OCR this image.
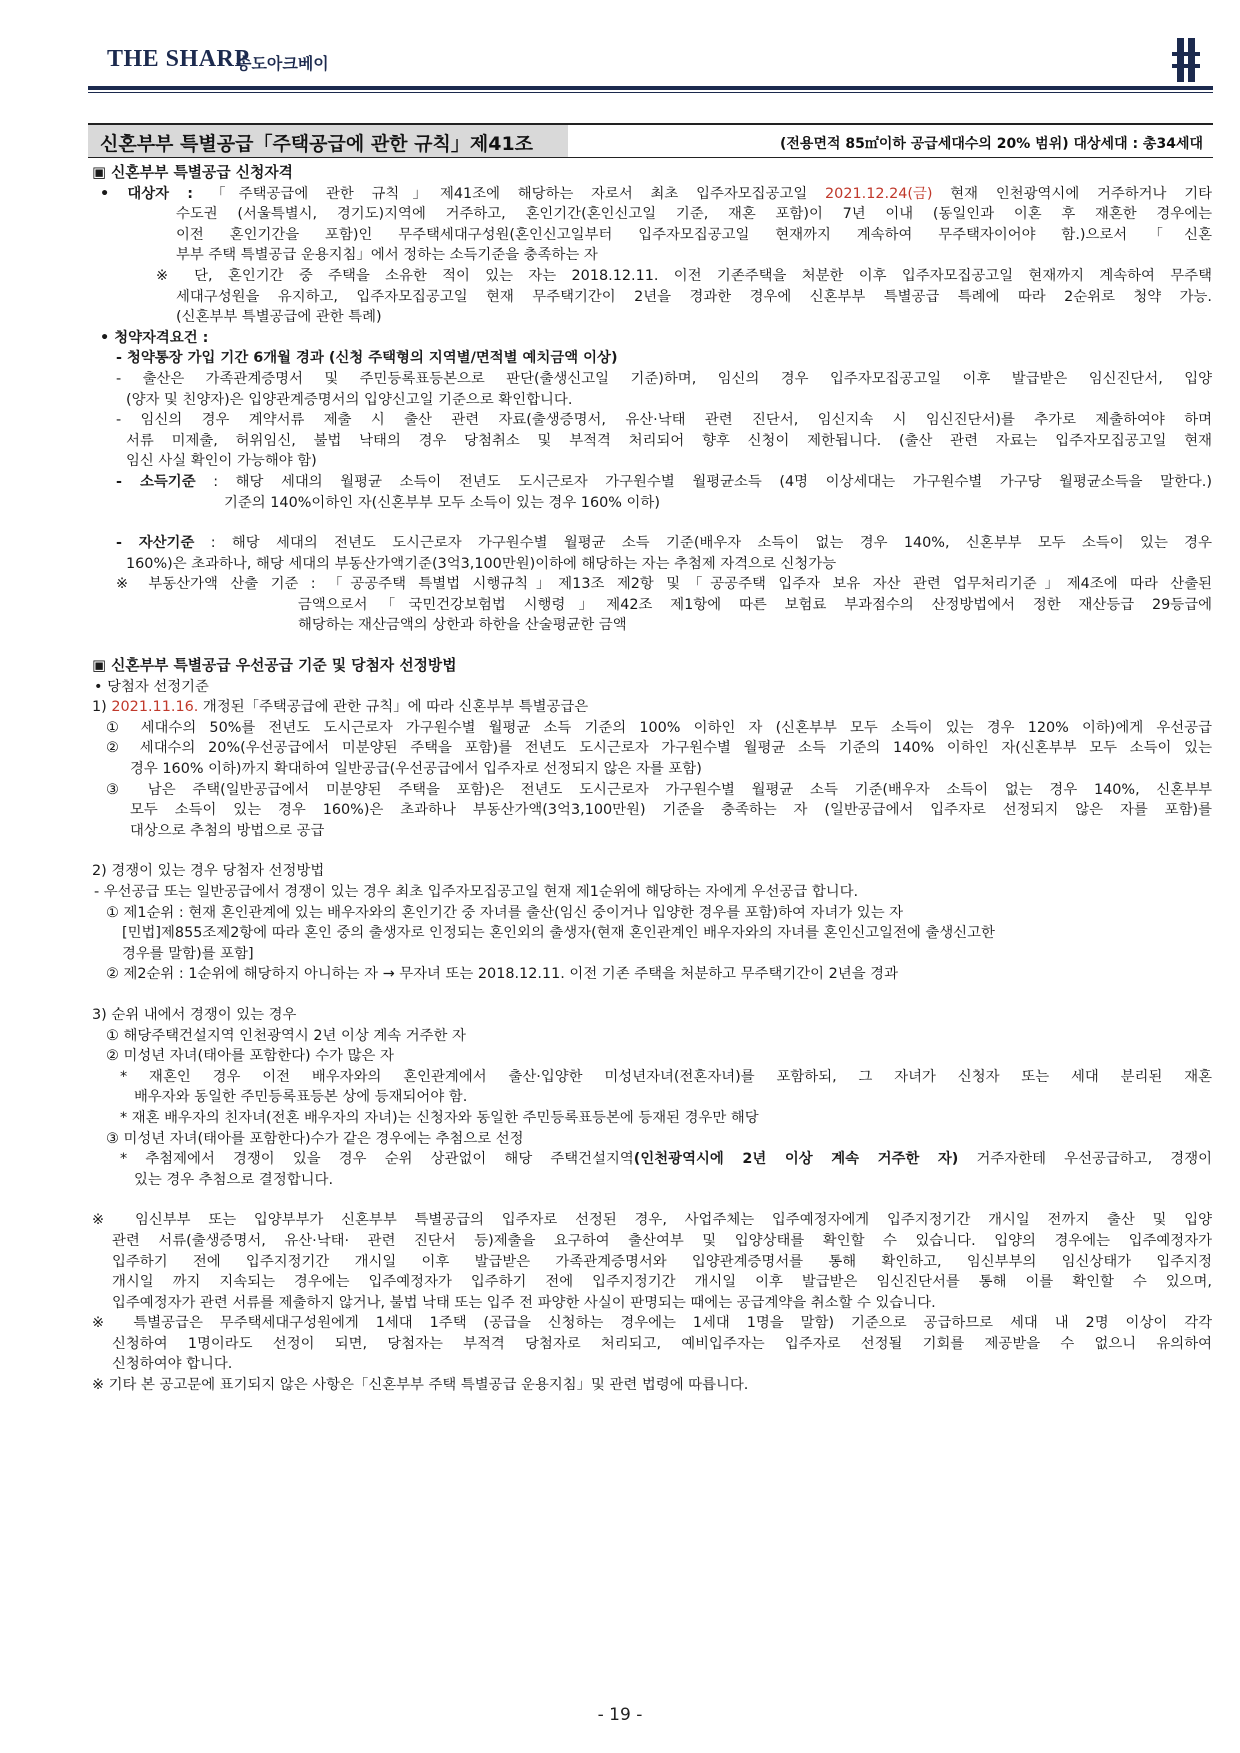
THE SHARP
송도아크베이
신혼부부 특별공급「주택공급에 관한 규칙」제41조	(전용면적 85㎡이하 공급세대수의 20% 범위) 대상세대 : 총34세대
▣ 신혼부부 특별공급 신청자격
• 대상자 : 「주택공급에 관한 규칙」제41조에 해당하는 자로서 최초 입주자모집공고일 2021.12.24(금) 현재 인천광역시에 거주하거나 기타
수도권 (서울특별시, 경기도)지역에 거주하고, 혼인기간(혼인신고일 기준, 재혼 포함)이 7년 이내 (동일인과 이혼 후 재혼한 경우에는
이전 혼인기간을 포함)인 무주택세대구성원(혼인신고일부터 입주자모집공고일 현재까지 계속하여 무주택자이어야 함.)으로서「신혼
부부 주택 특별공급 운용지침」에서 정하는 소득기준을 충족하는 자
※ 단, 혼인기간 중 주택을 소유한 적이 있는 자는 2018.12.11. 이전 기존주택을 처분한 이후 입주자모집공고일 현재까지 계속하여 무주택
세대구성원을 유지하고, 입주자모집공고일 현재 무주택기간이 2년을 경과한 경우에 신혼부부 특별공급 특례에 따라 2순위로 청약 가능.
(신혼부부 특별공급에 관한 특례)
• 청약자격요건 :
- 청약통장 가입 기간 6개월 경과 (신청 주택형의 지역별/면적별 예치금액 이상)
- 출산은 가족관계증명서 및 주민등록표등본으로 판단(출생신고일 기준)하며, 임신의 경우 입주자모집공고일 이후 발급받은 임신진단서, 입양
(양자 및 친양자)은 입양관계증명서의 입양신고일 기준으로 확인합니다.
- 임신의 경우 계약서류 제출 시 출산 관련 자료(출생증명서, 유산·낙태 관련 진단서, 임신지속 시 임신진단서)를 추가로 제출하여야 하며
서류 미제출, 허위임신, 불법 낙태의 경우 당첨취소 및 부적격 처리되어 향후 신청이 제한됩니다. (출산 관련 자료는 입주자모집공고일 현재
임신 사실 확인이 가능해야 함)
- 소득기준 : 해당 세대의 월평균 소득이 전년도 도시근로자 가구원수별 월평균소득 (4명 이상세대는 가구원수별 가구당 월평균소득을 말한다.)
기준의 140%이하인 자(신혼부부 모두 소득이 있는 경우 160% 이하)
- 자산기준 : 해당 세대의 전년도 도시근로자 가구원수별 월평균 소득 기준(배우자 소득이 없는 경우 140%, 신혼부부 모두 소득이 있는 경우
160%)은 초과하나, 해당 세대의 부동산가액기준(3억3,100만원)이하에 해당하는 자는 추첨제 자격으로 신청가능
※ 부동산가액 산출 기준 : 「공공주택 특별법 시행규칙」제13조 제2항 및「공공주택 입주자 보유 자산 관련 업무처리기준」제4조에 따라 산출된
금액으로서「국민건강보험법 시행령」제42조 제1항에 따른 보험료 부과점수의 산정방법에서 정한 재산등급 29등급에
해당하는 재산금액의 상한과 하한을 산술평균한 금액
▣ 신혼부부 특별공급 우선공급 기준 및 당첨자 선정방법
• 당첨자 선정기준
1) 2021.11.16. 개정된「주택공급에 관한 규칙」에 따라 신혼부부 특별공급은
① 세대수의 50%를 전년도 도시근로자 가구원수별 월평균 소득 기준의 100% 이하인 자 (신혼부부 모두 소득이 있는 경우 120% 이하)에게 우선공급
② 세대수의 20%(우선공급에서 미분양된 주택을 포함)를 전년도 도시근로자 가구원수별 월평균 소득 기준의 140% 이하인 자(신혼부부 모두 소득이 있는
경우 160% 이하)까지 확대하여 일반공급(우선공급에서 입주자로 선정되지 않은 자를 포함)
③ 남은 주택(일반공급에서 미분양된 주택을 포함)은 전년도 도시근로자 가구원수별 월평균 소득 기준(배우자 소득이 없는 경우 140%, 신혼부부
모두 소득이 있는 경우 160%)은 초과하나 부동산가액(3억3,100만원) 기준을 충족하는 자 (일반공급에서 입주자로 선정되지 않은 자를 포함)를
대상으로 추첨의 방법으로 공급
2) 경쟁이 있는 경우 당첨자 선정방법
- 우선공급 또는 일반공급에서 경쟁이 있는 경우 최초 입주자모집공고일 현재 제1순위에 해당하는 자에게 우선공급 합니다.
① 제1순위 : 현재 혼인관계에 있는 배우자와의 혼인기간 중 자녀를 출산(임신 중이거나 입양한 경우를 포함)하여 자녀가 있는 자
[민법]제855조제2항에 따라 혼인 중의 출생자로 인정되는 혼인외의 출생자(현재 혼인관계인 배우자와의 자녀를 혼인신고일전에 출생신고한
경우를 말함)를 포함]
② 제2순위 : 1순위에 해당하지 아니하는 자 → 무자녀 또는 2018.12.11. 이전 기존 주택을 처분하고 무주택기간이 2년을 경과
3) 순위 내에서 경쟁이 있는 경우
① 해당주택건설지역 인천광역시 2년 이상 계속 거주한 자
② 미성년 자녀(태아를 포함한다) 수가 많은 자
* 재혼인 경우 이전 배우자와의 혼인관계에서 출산·입양한 미성년자녀(전혼자녀)를 포함하되, 그 자녀가 신청자 또는 세대 분리된 재혼
배우자와 동일한 주민등록표등본 상에 등재되어야 함.
* 재혼 배우자의 친자녀(전혼 배우자의 자녀)는 신청자와 동일한 주민등록표등본에 등재된 경우만 해당
③ 미성년 자녀(태아를 포함한다)수가 같은 경우에는 추첨으로 선정
* 추첨제에서 경쟁이 있을 경우 순위 상관없이 해당 주택건설지역(인천광역시에 2년 이상 계속 거주한 자) 거주자한테 우선공급하고, 경쟁이
있는 경우 추첨으로 결정합니다.
※ 임신부부 또는 입양부부가 신혼부부 특별공급의 입주자로 선정된 경우, 사업주체는 입주예정자에게 입주지정기간 개시일 전까지 출산 및 입양
관련 서류(출생증명서, 유산·낙태· 관련 진단서 등)제출을 요구하여 출산여부 및 입양상태를 확인할 수 있습니다. 입양의 경우에는 입주예정자가
입주하기 전에 입주지정기간 개시일 이후 발급받은 가족관계증명서와 입양관계증명서를 통해 확인하고, 임신부부의 임신상태가 입주지정
개시일 까지 지속되는 경우에는 입주예정자가 입주하기 전에 입주지정기간 개시일 이후 발급받은 임신진단서를 통해 이를 확인할 수 있으며,
입주예정자가 관련 서류를 제출하지 않거나, 불법 낙태 또는 입주 전 파양한 사실이 판명되는 때에는 공급계약을 취소할 수 있습니다.
※ 특별공급은 무주택세대구성원에게 1세대 1주택 (공급을 신청하는 경우에는 1세대 1명을 말함) 기준으로 공급하므로 세대 내 2명 이상이 각각
신청하여 1명이라도 선정이 되면, 당첨자는 부적격 당첨자로 처리되고, 예비입주자는 입주자로 선정될 기회를 제공받을 수 없으니 유의하여
신청하여야 합니다.
※ 기타 본 공고문에 표기되지 않은 사항은「신혼부부 주택 특별공급 운용지침」및 관련 법령에 따릅니다.
- 19 -
